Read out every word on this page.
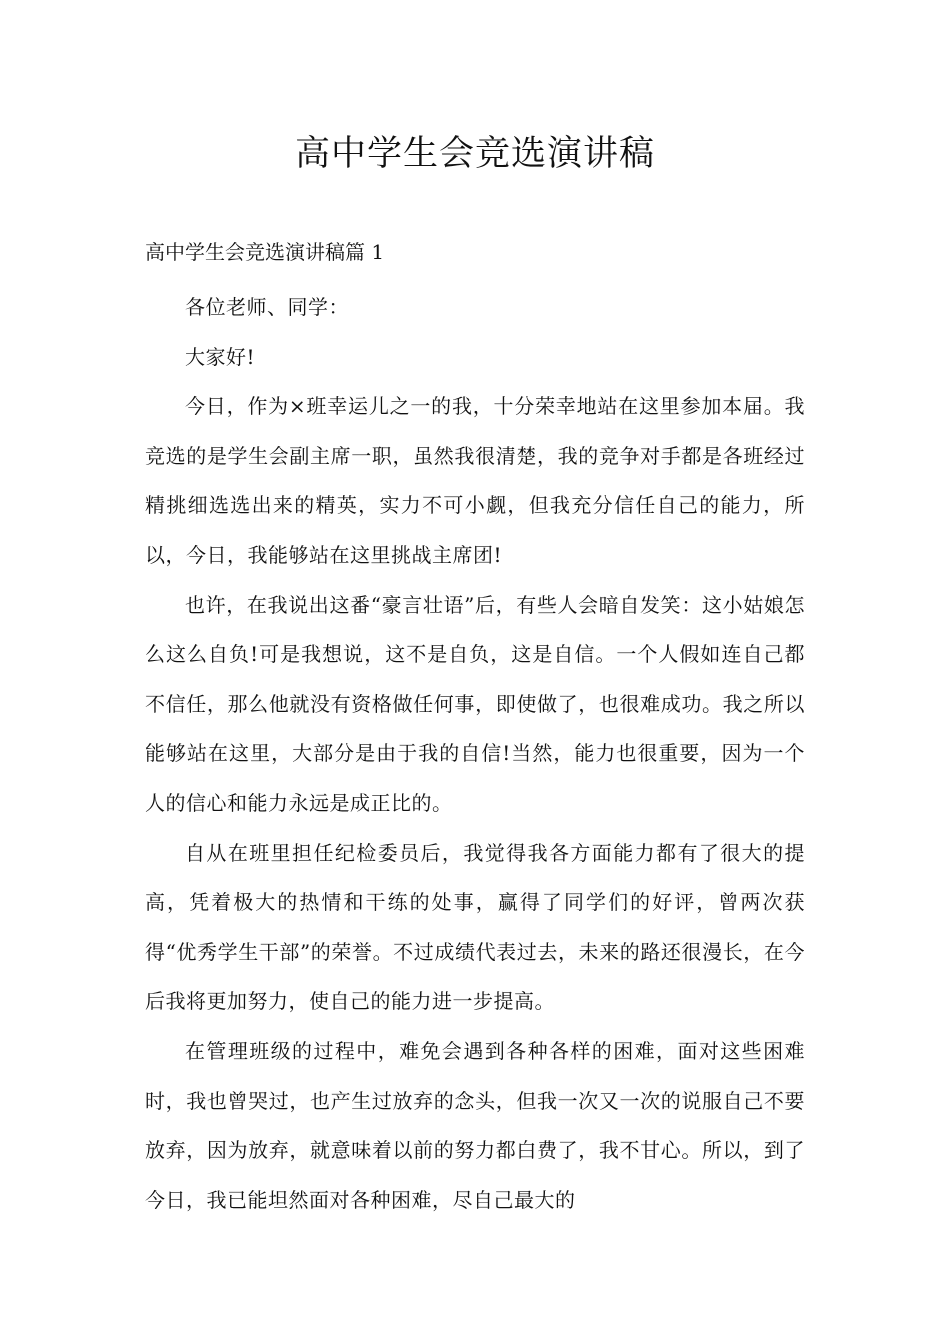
高中学生会竞选演讲稿
高中学生会竞选演讲稿篇 1

各位老师、同学：

大家好!

今日，作为×班幸运儿之一的我，十分荣幸地站在这里参加本届。我竞选的是学生会副主席一职，虽然我很清楚，我的竞争对手都是各班经过精挑细选选出来的精英，实力不可小觑，但我充分信任自己的能力，所以，今日，我能够站在这里挑战主席团!

也许，在我说出这番“豪言壮语”后，有些人会暗自发笑：这小姑娘怎么这么自负!可是我想说，这不是自负，这是自信。一个人假如连自己都不信任，那么他就没有资格做任何事，即使做了，也很难成功。我之所以能够站在这里，大部分是由于我的自信!当然，能力也很重要，因为一个人的信心和能力永远是成正比的。

自从在班里担任纪检委员后，我觉得我各方面能力都有了很大的提高，凭着极大的热情和干练的处事，赢得了同学们的好评，曾两次获得“优秀学生干部”的荣誉。不过成绩代表过去，未来的路还很漫长，在今后我将更加努力，使自己的能力进一步提高。

在管理班级的过程中，难免会遇到各种各样的困难，面对这些困难时，我也曾哭过，也产生过放弃的念头，但我一次又一次的说服自己不要放弃，因为放弃，就意味着以前的努力都白费了，我不甘心。所以，到了今日，我已能坦然面对各种困难，尽自己最大的
